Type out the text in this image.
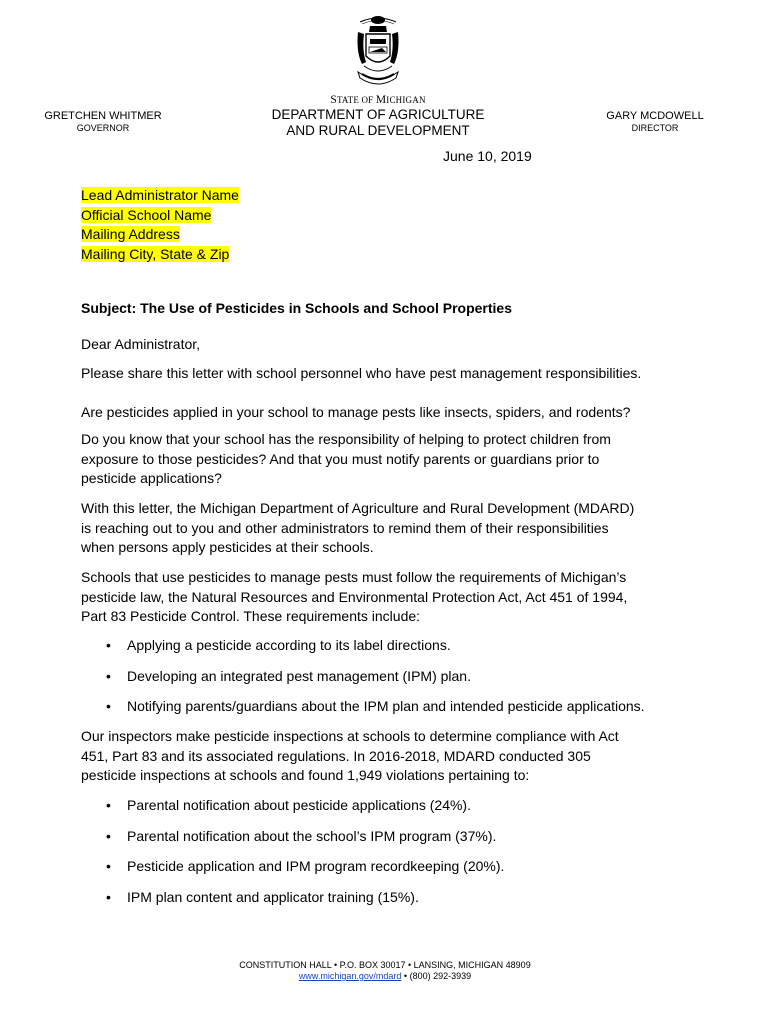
STATE OF MICHIGAN
DEPARTMENT OF AGRICULTURE
AND RURAL DEVELOPMENT
GRETCHEN WHITMER
GOVERNOR
GARY MCDOWELL
DIRECTOR
June 10, 2019
Lead Administrator Name
Official School Name
Mailing Address
Mailing City, State & Zip
Subject: The Use of Pesticides in Schools and School Properties
Dear Administrator,
Please share this letter with school personnel who have pest management responsibilities.
Are pesticides applied in your school to manage pests like insects, spiders, and rodents?
Do you know that your school has the responsibility of helping to protect children from
exposure to those pesticides? And that you must notify parents or guardians prior to
pesticide applications?
With this letter, the Michigan Department of Agriculture and Rural Development (MDARD)
is reaching out to you and other administrators to remind them of their responsibilities
when persons apply pesticides at their schools.
Schools that use pesticides to manage pests must follow the requirements of Michigan’s
pesticide law, the Natural Resources and Environmental Protection Act, Act 451 of 1994,
Part 83 Pesticide Control. These requirements include:
• Applying a pesticide according to its label directions.
• Developing an integrated pest management (IPM) plan.
• Notifying parents/guardians about the IPM plan and intended pesticide applications.
Our inspectors make pesticide inspections at schools to determine compliance with Act
451, Part 83 and its associated regulations. In 2016-2018, MDARD conducted 305
pesticide inspections at schools and found 1,949 violations pertaining to:
• Parental notification about pesticide applications (24%).
• Parental notification about the school’s IPM program (37%).
• Pesticide application and IPM program recordkeeping (20%).
• IPM plan content and applicator training (15%).
CONSTITUTION HALL • P.O. BOX 30017 • LANSING, MICHIGAN 48909
www.michigan.gov/mdard • (800) 292-3939
